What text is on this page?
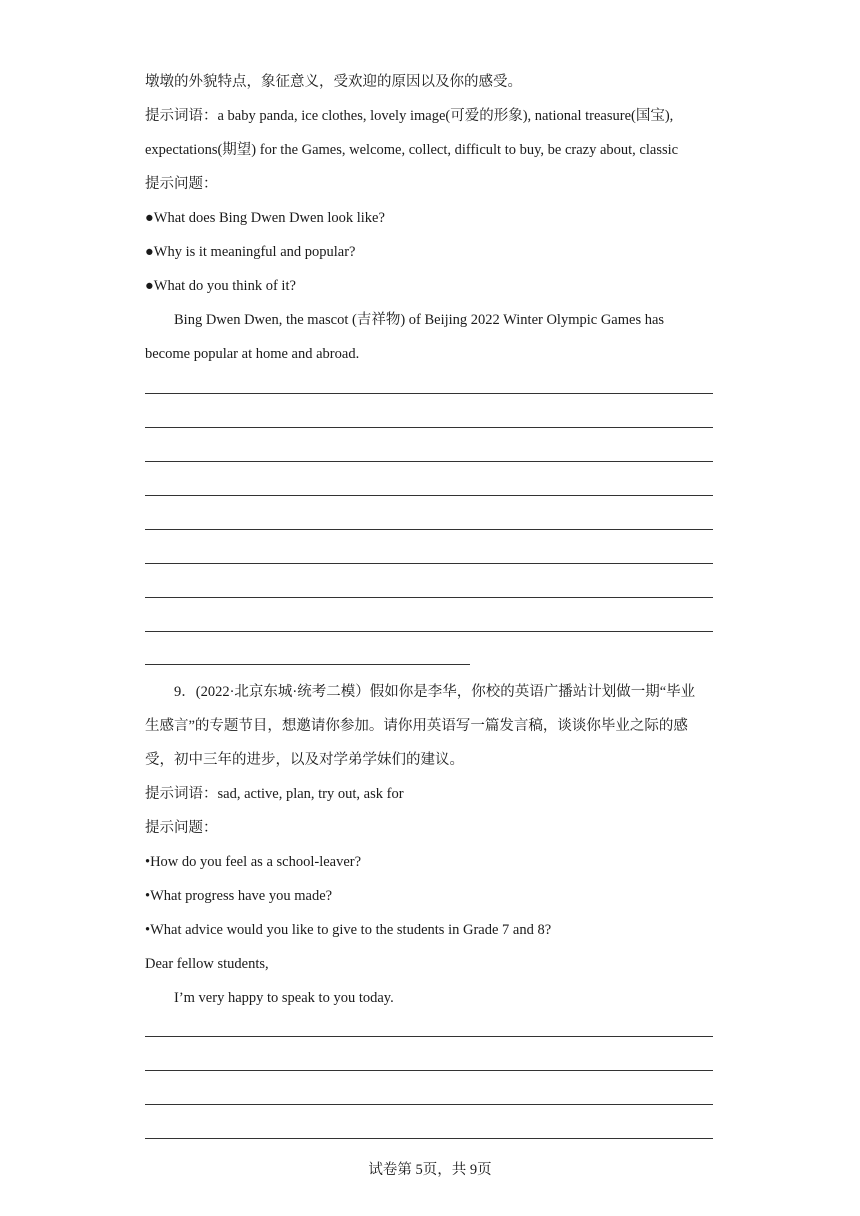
墩墩的外貌特点，象征意义，受欢迎的原因以及你的感受。
提示词语：a baby panda, ice clothes, lovely image(可爱的形象), national treasure(国宝),
expectations(期望) for the Games, welcome, collect, difficult to buy, be crazy about, classic
提示问题：
●What does Bing Dwen Dwen look like?
●Why is it meaningful and popular?
●What do you think of it?
Bing Dwen Dwen, the mascot (吉祥物) of Beijing 2022 Winter Olympic Games has
become popular at home and abroad.
9．(2022·北京东城·统考二模）假如你是李华，你校的英语广播站计划做一期“毕业
生感言”的专题节目，想邀请你参加。请你用英语写一篇发言稿，谈谈你毕业之际的感
受，初中三年的进步，以及对学弟学妹们的建议。
提示词语：sad, active, plan, try out, ask for
提示问题：
•How do you feel as a school-leaver?
•What progress have you made?
•What advice would you like to give to the students in Grade 7 and 8?
Dear fellow students,
I’m very happy to speak to you today.
试卷第 5页，共 9页
